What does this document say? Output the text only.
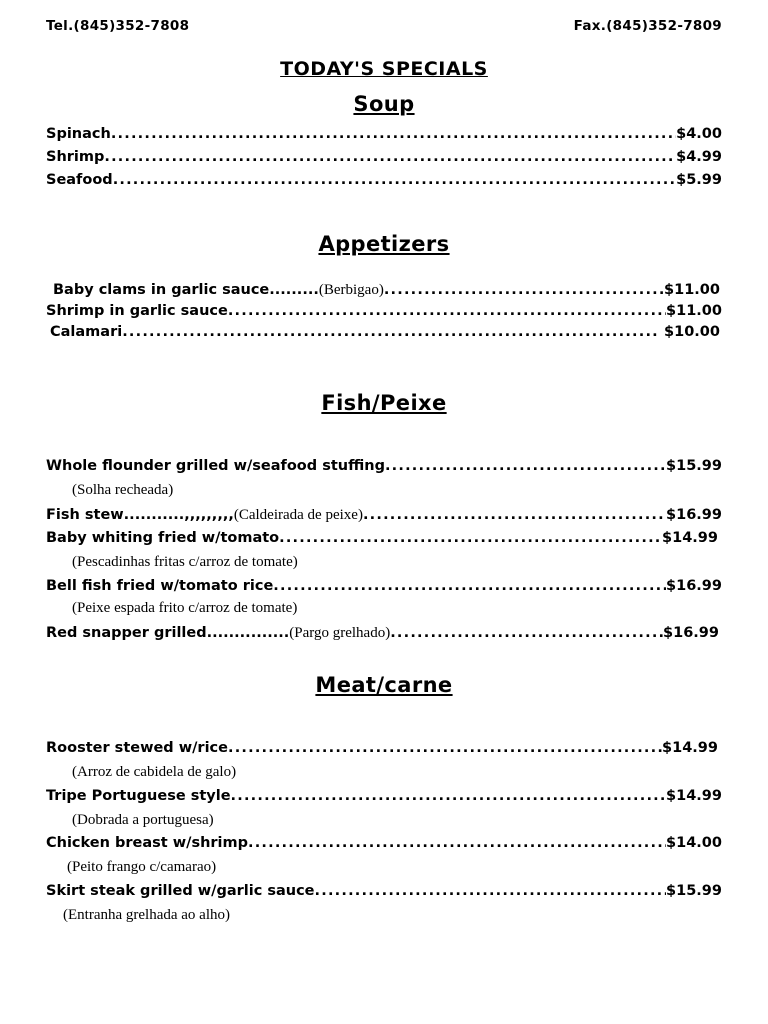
Tel.(845)352-7808	Fax.(845)352-7809
TODAY'S SPECIALS
Soup
Spinach .....	$4.00
Shrimp .....	$4.99
Seafood .....	$5.99
Appetizers
Baby clams in garlic sauce ......... (Berbigao) .....	$11.00
Shrimp in garlic sauce .....	$11.00
Calamari .....	$10.00
Fish/Peixe
Whole flounder grilled w/seafood stuffing .....	$15.99
(Solha recheada)
Fish stew ...........,,,,,,,,, (Caldeirada de peixe) .....	$16.99
Baby whiting fried w/tomato .....	$14.99
(Pescadinhas fritas c/arroz de tomate)
Bell fish fried w/tomato rice .....	$16.99
(Peixe espada frito c/arroz de tomate)
Red snapper grilled ............... (Pargo grelhado) .....	$16.99
Meat/carne
Rooster stewed w/rice .....	$14.99
(Arroz de cabidela de galo)
Tripe Portuguese style .....	$14.99
(Dobrada a portuguesa)
Chicken breast w/shrimp .....	$14.00
(Peito frango c/camarao)
Skirt steak grilled w/garlic sauce .....	$15.99
(Entranha grelhada ao alho)
